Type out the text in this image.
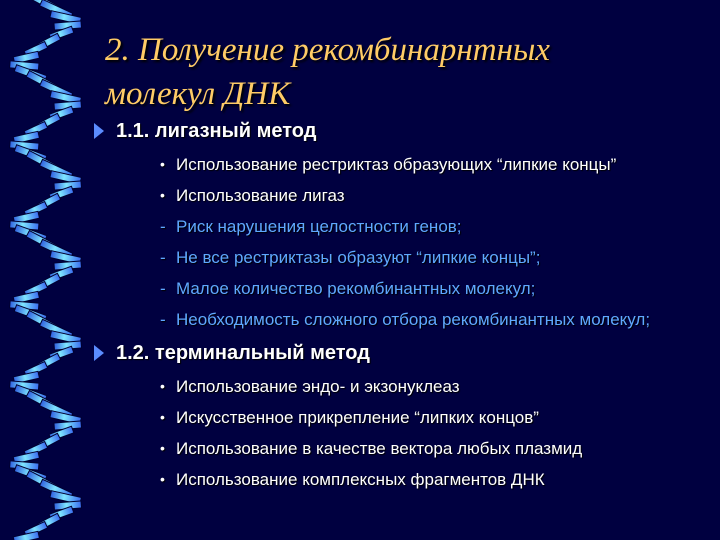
2. Получение рекомбинарнтных
молекул ДНК
1.1. лигазный метод
• Использование рестриктаз образующих “липкие концы”
• Использование лигаз
- Риск нарушения целостности генов;
- Не все рестриктазы образуют “липкие концы”;
- Малое количество рекомбинантных молекул;
- Необходимость сложного отбора рекомбинантных молекул;
1.2. терминальный метод
• Использование эндо- и экзонуклеаз
• Искусственное прикрепление “липких концов”
• Использование в качестве вектора любых плазмид
• Использование комплексных фрагментов ДНК
